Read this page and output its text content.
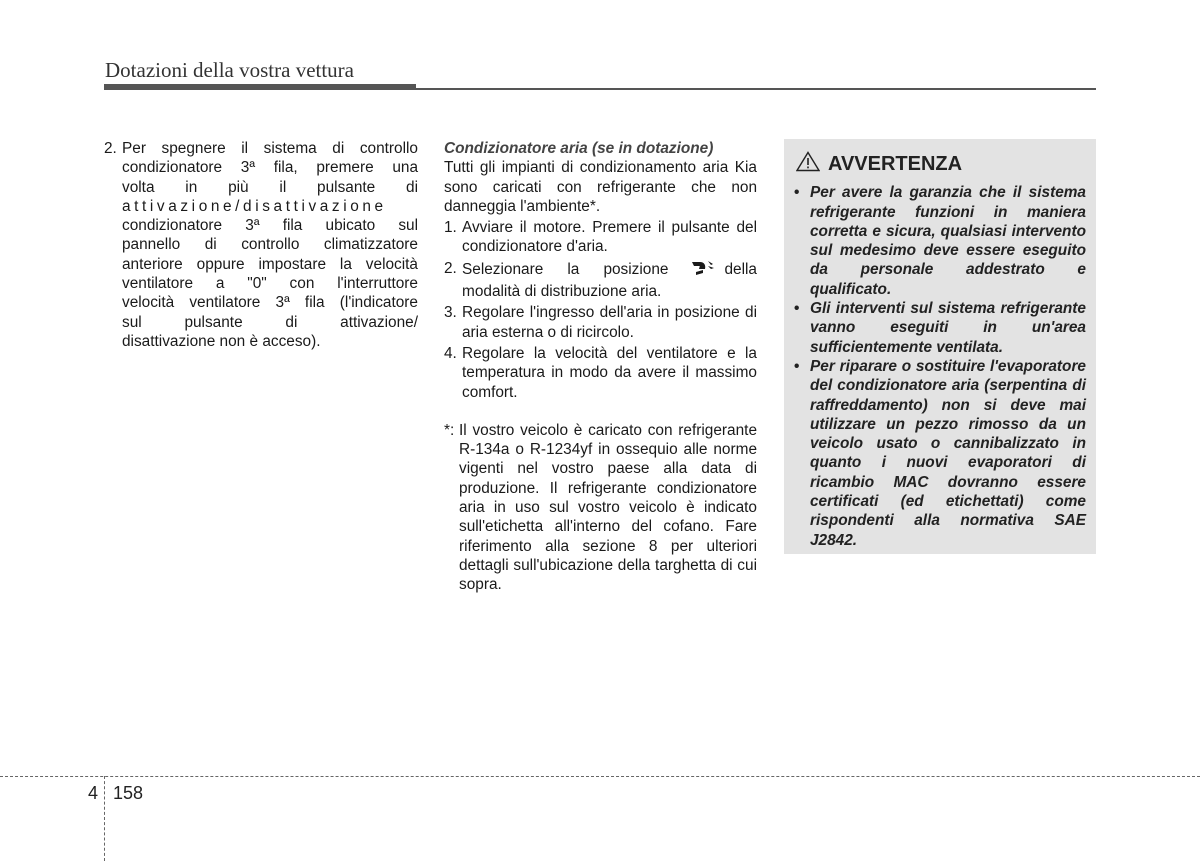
Dotazioni della vostra vettura
2. Per spegnere il sistema di controllo
condizionatore 3ª fila, premere una
volta in più il pulsante di
attivazione/disattivazione
condizionatore 3ª fila ubicato sul
pannello di controllo climatizzatore
anteriore oppure impostare la velocità
ventilatore a "0" con l'interruttore
velocità ventilatore 3ª fila (l'indicatore
sul pulsante di attivazione/
disattivazione non è acceso).

Condizionatore aria (se in dotazione)

Tutti gli impianti di condizionamento aria Kia sono caricati con refrigerante che non danneggia l'ambiente*.

1. Avviare il motore. Premere il pulsante del condizionatore d'aria.
2. Selezionare la posizione	della modalità di distribuzione aria.
3. Regolare l'ingresso dell'aria in posizione di aria esterna o di ricircolo.
4. Regolare la velocità del ventilatore e la temperatura in modo da avere il massimo comfort.

*: Il vostro veicolo è caricato con refrigerante R-134a o R-1234yf in ossequio alle norme vigenti nel vostro paese alla data di produzione. Il refrigerante condizionatore aria in uso sul vostro veicolo è indicato sull'etichetta all'interno del cofano. Fare riferimento alla sezione 8 per ulteriori dettagli sull'ubicazione della targhetta di cui sopra.

AVVERTENZA
• Per avere la garanzia che il sistema refrigerante funzioni in maniera corretta e sicura, qualsiasi intervento sul medesimo deve essere eseguito da personale addestrato e qualificato.
• Gli interventi sul sistema refrigerante vanno eseguiti in un'area sufficientemente ventilata.
• Per riparare o sostituire l'evaporatore del condizionatore aria (serpentina di raffreddamento) non si deve mai utilizzare un pezzo rimosso da un veicolo usato o cannibalizzato in quanto i nuovi evaporatori di ricambio MAC dovranno essere certificati (ed etichettati) come rispondenti alla normativa SAE J2842.
4 158
